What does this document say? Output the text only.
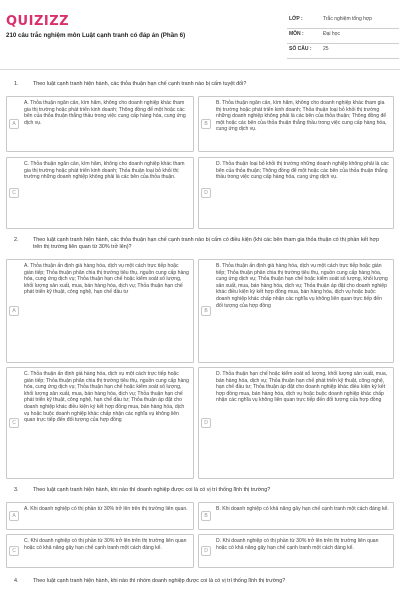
QUIZIZZ
210 câu trắc nghiệm môn Luật cạnh tranh có đáp án (Phần 6)
LỚP :	Trắc nghiệm tổng hợp
MÔN :	Đại học
SỐ CÂU : 25
1.	Theo luật cạnh tranh hiện hành, các thỏa thuận hạn chế cạnh tranh nào bị cấm tuyệt đối?
A
A. Thỏa thuận ngăn cản, kìm hãm, không cho doanh nghiệp khác tham gia thị trường hoặc phát triển kinh doanh; Thông đồng để một hoặc các bên của thỏa thuận thắng thầu trong việc cung cấp hàng hóa, cung ứng dịch vụ.	B
B. Thỏa thuận ngăn cản, kìm hãm, không cho doanh nghiệp khác tham gia thị trường hoặc phát triển kinh doanh; Thỏa thuận loại bỏ khỏi thị trường những doanh nghiệp không phải là các bên của thỏa thuận; Thông đồng để một hoặc các bên của thỏa thuận thắng thầu trong việc cung cấp hàng hóa, cung ứng dịch vụ.
C
C. Thỏa thuận ngăn cản, kìm hãm, không cho doanh nghiệp khác tham gia thị trường hoặc phát triển kinh doanh; Thỏa thuận loại bỏ khỏi thị trường những doanh nghiệp không phải là các bên của thỏa thuận.
D
D. Thỏa thuận loại bỏ khỏi thị trường những doanh nghiệp không phải là các bên của thỏa thuận; Thông đồng để một hoặc các bên của thỏa thuận thắng thầu trong việc cung cấp hàng hóa, cung ứng dịch vụ.
2.	Theo luật cạnh tranh hiện hành, các thỏa thuận hạn chế cạnh tranh nào bị cấm có điều kiện (khi các bên tham gia thỏa thuận có thị phần kết hợp trên thị trường liên quan từ 30% trở lên)?
A
A. Thỏa thuận ấn định giá hàng hóa, dịch vụ một cách trực tiếp hoặc gián tiếp; Thỏa thuận phân chia thị trường tiêu thụ, nguồn cung cấp hàng hóa, cung ứng dịch vụ; Thỏa thuận hạn chế hoặc kiểm soát số lượng, khối lượng sản xuất, mua, bán hàng hóa, dịch vụ; Thỏa thuận hạn chế phát triển kỹ thuật, công nghệ, hạn chế đầu tư
B
B. Thỏa thuận ấn định giá hàng hóa, dịch vụ một cách trực tiếp hoặc gián tiếp; Thỏa thuận phân chia thị trường tiêu thụ, nguồn cung cấp hàng hóa, cung ứng dịch vụ; Thỏa thuận hạn chế hoặc kiểm soát số lượng, khối lượng sản xuất, mua, bán hàng hóa, dịch vụ; Thỏa thuận áp đặt cho doanh nghiệp khác điều kiện ký kết hợp đồng mua, bán hàng hóa, dịch vụ hoặc buộc doanh nghiệp khác chấp nhận các nghĩa vụ không liên quan trực tiếp đến đối tượng của hợp đồng
C
C. Thỏa thuận ấn định giá hàng hóa, dịch vụ một cách trực tiếp hoặc gián tiếp; Thỏa thuận phân chia thị trường tiêu thụ, nguồn cung cấp hàng hóa, cung ứng dịch vụ; Thỏa thuận hạn chế hoặc kiểm soát số lượng, khối lượng sản xuất, mua, bán hàng hóa, dịch vụ; Thỏa thuận hạn chế phát triển kỹ thuật, công nghệ, hạn chế đầu tư; Thỏa thuận áp đặt cho doanh nghiệp khác điều kiện ký kết hợp đồng mua, bán hàng hóa, dịch vụ hoặc buộc doanh nghiệp khác chấp nhận các nghĩa vụ không liên quan trực tiếp đến đối tượng của hợp đồng	D
D. Thỏa thuận hạn chế hoặc kiểm soát số lượng, khối lượng sản xuất, mua, bán hàng hóa, dịch vụ; Thỏa thuận hạn chế phát triển kỹ thuật, công nghệ, hạn chế đầu tư; Thỏa thuận áp đặt cho doanh nghiệp khác điều kiện ký kết hợp đồng mua, bán hàng hóa, dịch vụ hoặc buộc doanh nghiệp khác chấp nhận các nghĩa vụ không liên quan trực tiếp đến đối tượng của hợp đồng
3.	Theo luật cạnh tranh hiện hành, khi nào thì doanh nghiệp được coi là có vị trí thống lĩnh thị trường?
A
A. Khi doanh nghiệp có thị phần từ 30% trở lên trên thị trường liên quan.
B
B. Khi doanh nghiệp có khả năng gây hạn chế cạnh tranh một cách đáng kể.
C
C. Khi doanh nghiệp có thị phần từ 30% trở lên trên thị trường liên quan hoặc có khả năng gây hạn chế cạnh tranh một cách đáng kể.
D
D. Khi doanh nghiệp có thị phần từ 30% trở lên trên thị trường liên quan hoặc có khả năng gây hạn chế cạnh tranh một cách đáng kể.
4.	Theo luật cạnh tranh hiện hành, khi nào thì nhóm doanh nghiệp được coi là có vị trí thống lĩnh thị trường?
